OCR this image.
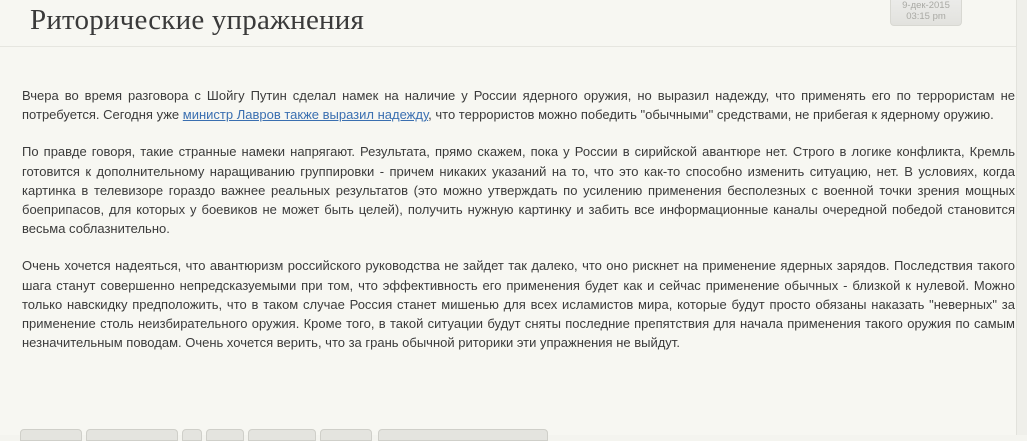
Риторические упражнения	9-дек-2015
03:15 pm

Вчера во время разговора с Шойгу Путин сделал намек на наличие у России ядерного оружия, но выразил надежду, что применять его по террористам не потребуется. Сегодня уже министр Лавров также выразил надежду, что террористов можно победить "обычными" средствами, не прибегая к ядерному оружию.

По правде говоря, такие странные намеки напрягают. Результата, прямо скажем, пока у России в сирийской авантюре нет. Строго в логике конфликта, Кремль готовится к дополнительному наращиванию группировки - причем никаких указаний на то, что это как-то способно изменить ситуацию, нет. В условиях, когда картинка в телевизоре гораздо важнее реальных результатов (это можно утверждать по усилению применения бесполезных с военной точки зрения мощных боеприпасов, для которых у боевиков не может быть целей), получить нужную картинку и забить все информационные каналы очередной победой становится весьма соблазнительно.

Очень хочется надеяться, что авантюризм российского руководства не зайдет так далеко, что оно рискнет на применение ядерных зарядов. Последствия такого шага станут совершенно непредсказуемыми при том, что эффективность его применения будет как и сейчас применение обычных - близкой к нулевой. Можно только навскидку предположить, что в таком случае Россия станет мишенью для всех исламистов мира, которые будут просто обязаны наказать "неверных" за применение столь неизбирательного оружия. Кроме того, в такой ситуации будут сняты последние препятствия для начала применения такого оружия по самым незначительным поводам. Очень хочется верить, что за грань обычной риторики эти упражнения не выйдут.
